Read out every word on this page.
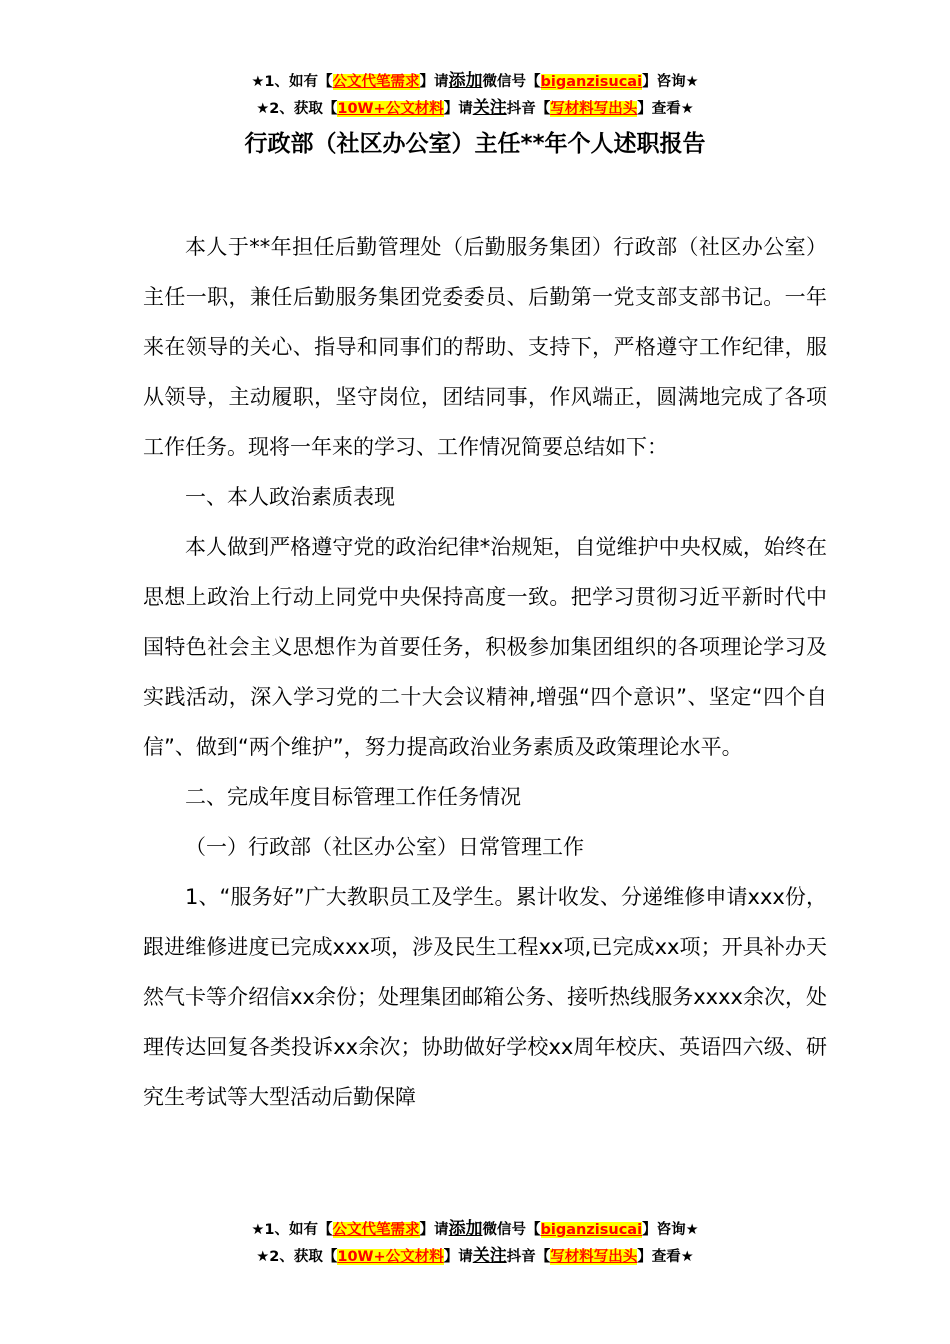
★1、如有【公文代笔需求】请添加微信号【biganzisucai】咨询★
★2、获取【10W+公文材料】请关注抖音【写材料写出头】查看★
行政部（社区办公室）主任**年个人述职报告

本人于**年担任后勤管理处（后勤服务集团）行政部（社区办公室）主任一职，兼任后勤服务集团党委委员、后勤第一党支部支部书记。一年来在领导的关心、指导和同事们的帮助、支持下，严格遵守工作纪律，服从领导，主动履职，坚守岗位，团结同事，作风端正，圆满地完成了各项工作任务。现将一年来的学习、工作情况简要总结如下：

一、本人政治素质表现

本人做到严格遵守党的政治纪律*治规矩，自觉维护中央权威，始终在思想上政治上行动上同党中央保持高度一致。把学习贯彻习近平新时代中国特色社会主义思想作为首要任务，积极参加集团组织的各项理论学习及实践活动，深入学习党的二十大会议精神,增强“四个意识”、坚定“四个自信”、做到“两个维护”，努力提高政治业务素质及政策理论水平。

二、完成年度目标管理工作任务情况

（一）行政部（社区办公室）日常管理工作

1、“服务好”广大教职员工及学生。累计收发、分递维修申请xxx份，跟进维修进度已完成xxx项，涉及民生工程xx项,已完成xx项；开具补办天然气卡等介绍信xx余份；处理集团邮箱公务、接听热线服务xxxx余次，处理传达回复各类投诉xx余次；协助做好学校xx周年校庆、英语四六级、研究生考试等大型活动后勤保障

★1、如有【公文代笔需求】请添加微信号【biganzisucai】咨询★
★2、获取【10W+公文材料】请关注抖音【写材料写出头】查看★
